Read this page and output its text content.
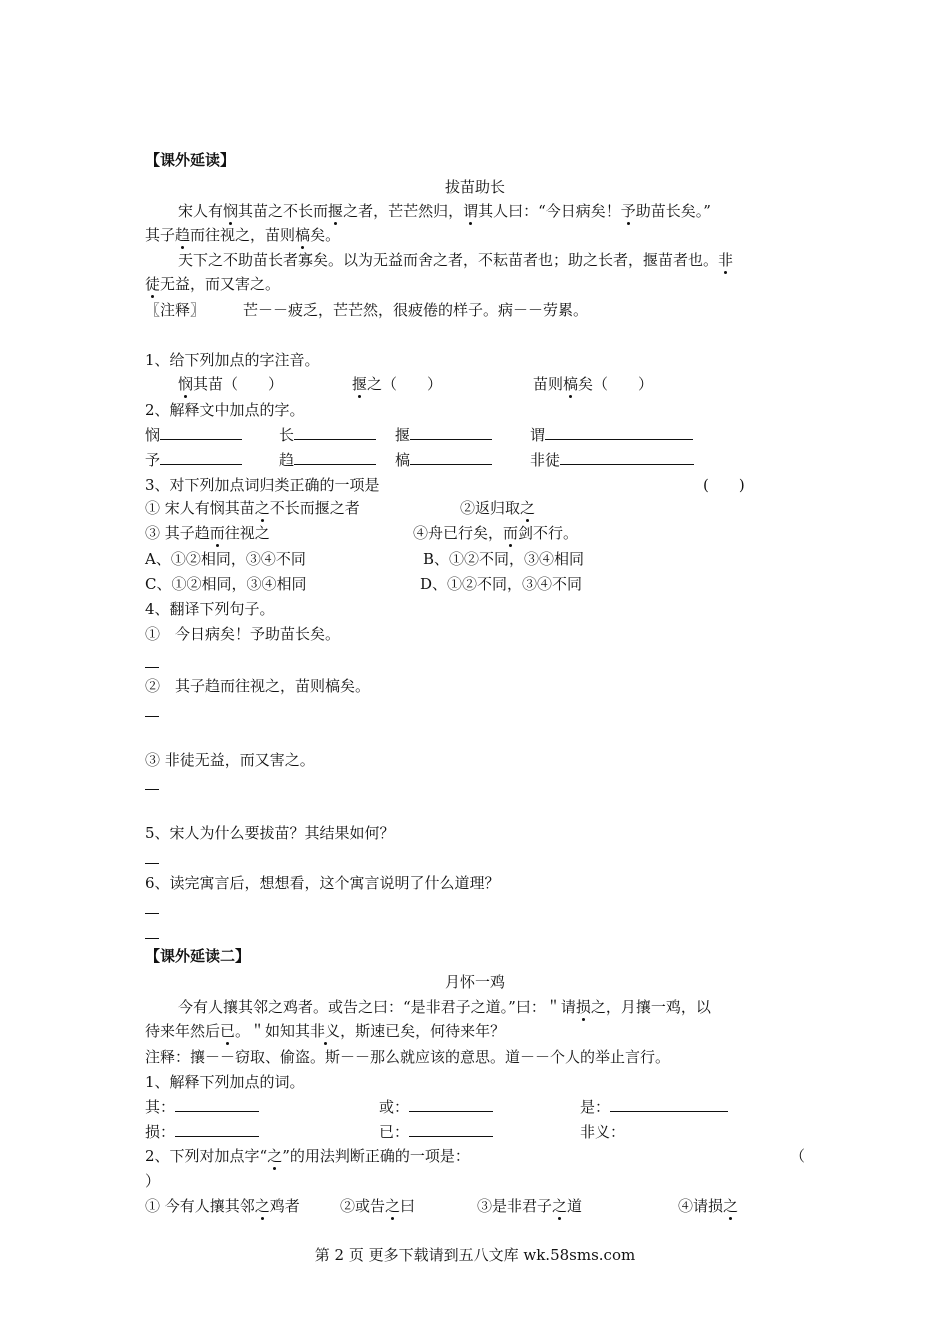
【课外延读】
拔苗助长
宋人有悯其苗之不长而揠之者，芒芒然归，谓其人曰：“今日病矣！予助苗长矣。”
其子趋而往视之，苗则槁矣。
天下之不助苗长者寡矣。以为无益而舍之者，不耘苗者也；助之长者，揠苗者也。非
徒无益，而又害之。
〖注释〗	芒－－疲乏，芒芒然，很疲倦的样子。病－－劳累。
1、给下列加点的字注音。
悯其苗（　　）	揠之（　　）	苗则槁矣（　　）
2、解释文中加点的字。
悯	长	揠	谓
予	趋	槁	非徒
3、对下列加点词归类正确的一项是	(　　)
① 宋人有悯其苗之不长而揠之者	②返归取之
③ 其子趋而往视之	④舟已行矣，而剑不行。
A、①②相同，③④不同	B、①②不同，③④相同
C、①②相同，③④相同	D、①②不同，③④不同
4、翻译下列句子。
①　今日病矣！予助苗长矣。
②　其子趋而往视之，苗则槁矣。
③ 非徒无益，而又害之。
5、宋人为什么要拔苗？其结果如何？
6、读完寓言后，想想看，这个寓言说明了什么道理？
【课外延读二】
月怀一鸡
今有人攘其邻之鸡者。或告之曰：“是非君子之道。”曰：＂请损之，月攘一鸡，以
待来年然后已。＂如知其非义，斯速已矣，何待来年？
注释：攘－－窃取、偷盗。斯－－那么就应该的意思。道－－个人的举止言行。
1、解释下列加点的词。
其：	或：	是：
损：	已：	非义：
2、下列对加点字“之”的用法判断正确的一项是：	（
）
① 今有人攘其邻之鸡者	②或告之曰	③是非君子之道	④请损之
第 2 页 更多下载请到五八文库 wk.58sms.com
